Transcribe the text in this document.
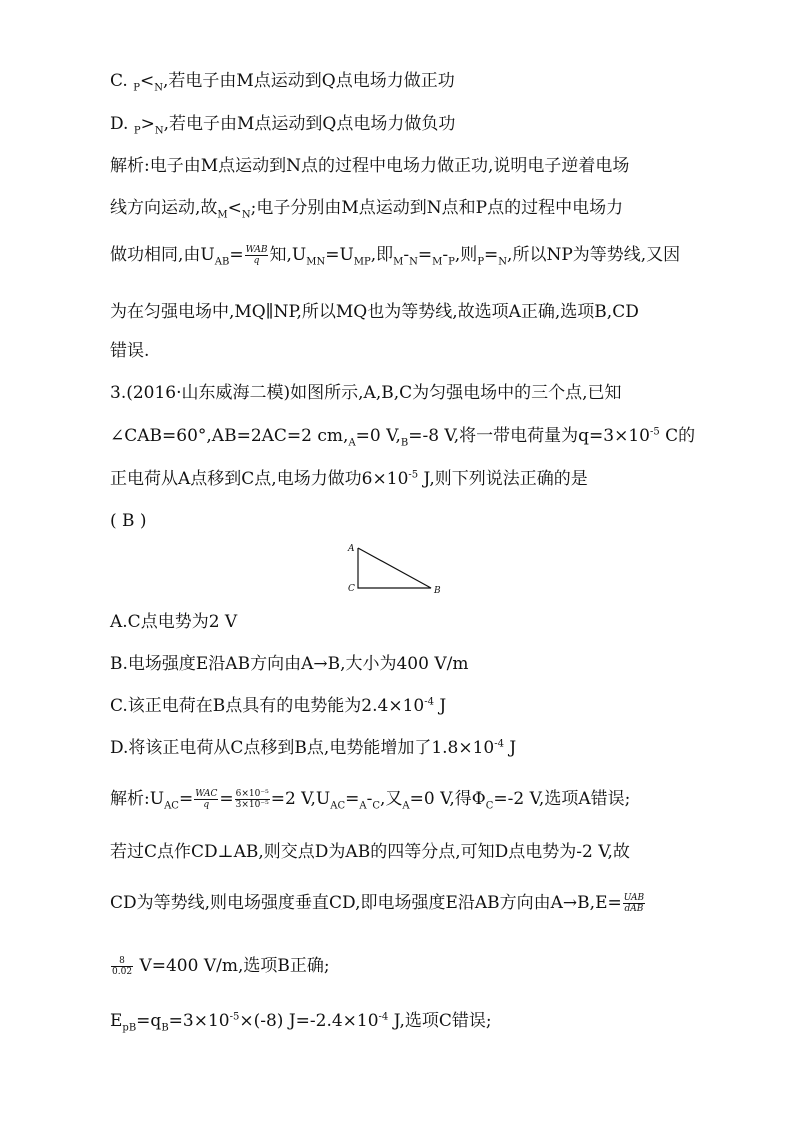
C. $_P<_N$,若电子由M点运动到Q点电场力做正功
D. $_P>_N$,若电子由M点运动到Q点电场力做负功
解析:电子由M点运动到N点的过程中电场力做正功,说明电子逆着电场
线方向运动,故$_M<_N$;电子分别由M点运动到N点和P点的过程中电场力
做功相同,由$U_{AB}= \frac{\text{WAB}}{q}$ 知$,U_{MN}=U_{MP}$,即$_M-_N=_M-_P$,则$_P=_N$,所以NP为等势线,又因
为在匀强电场中,MQ∥NP,所以MQ也为等势线,故选项A正确,选项B,CD
错误.
3.(2016·山东威海二模)如图所示,A,B,C为匀强电场中的三个点,已知
∠CAB=60°,AB=2AC=2 $cm,_A=0$ $V,_B=-8$ V,将一带电荷量为$q=3\times 10^{-5}$ C的
正电荷从A点移到C点,电场力做功$6\times 10^{-5}$ J,则下列说法正确的是
( B )
A
C	B
A.C点电势为2 V
B.电场强度E沿AB方向由A→B,大小为400 V/m
C.该正电荷在B点具有的电势能为$2.4\times 10^{-4}$ J
D.将该正电荷从C点移到B点,电势能增加了$1.8\times 10^{-4}$ J
解析$:U_{AC}= \frac{\text{WAC}}{q} = \frac{\text{6×10⁻⁵}}{\text{3×10⁻⁵}} =2$ $V,U_{AC}=_A-_C$,又$_A$=0 V,得$\Phi_C=-2$ V,选项A错误;
若过C点作CD⊥AB,则交点D为AB的四等分点,可知D点电势为-2 V,故
CD为等势线,则电场强度垂直CD,即电场强度E沿AB方向由$A\to B,E= \frac{\text{UAB}}{\text{dAB}}$
$\frac{8}{0.02} V=400$ V/m,选项B正确;
$E_{pB}=q_B=3\times 10^{-5}\times(-8)$ $J=-2.4\times 10^{-4}$ J,选项C错误;
